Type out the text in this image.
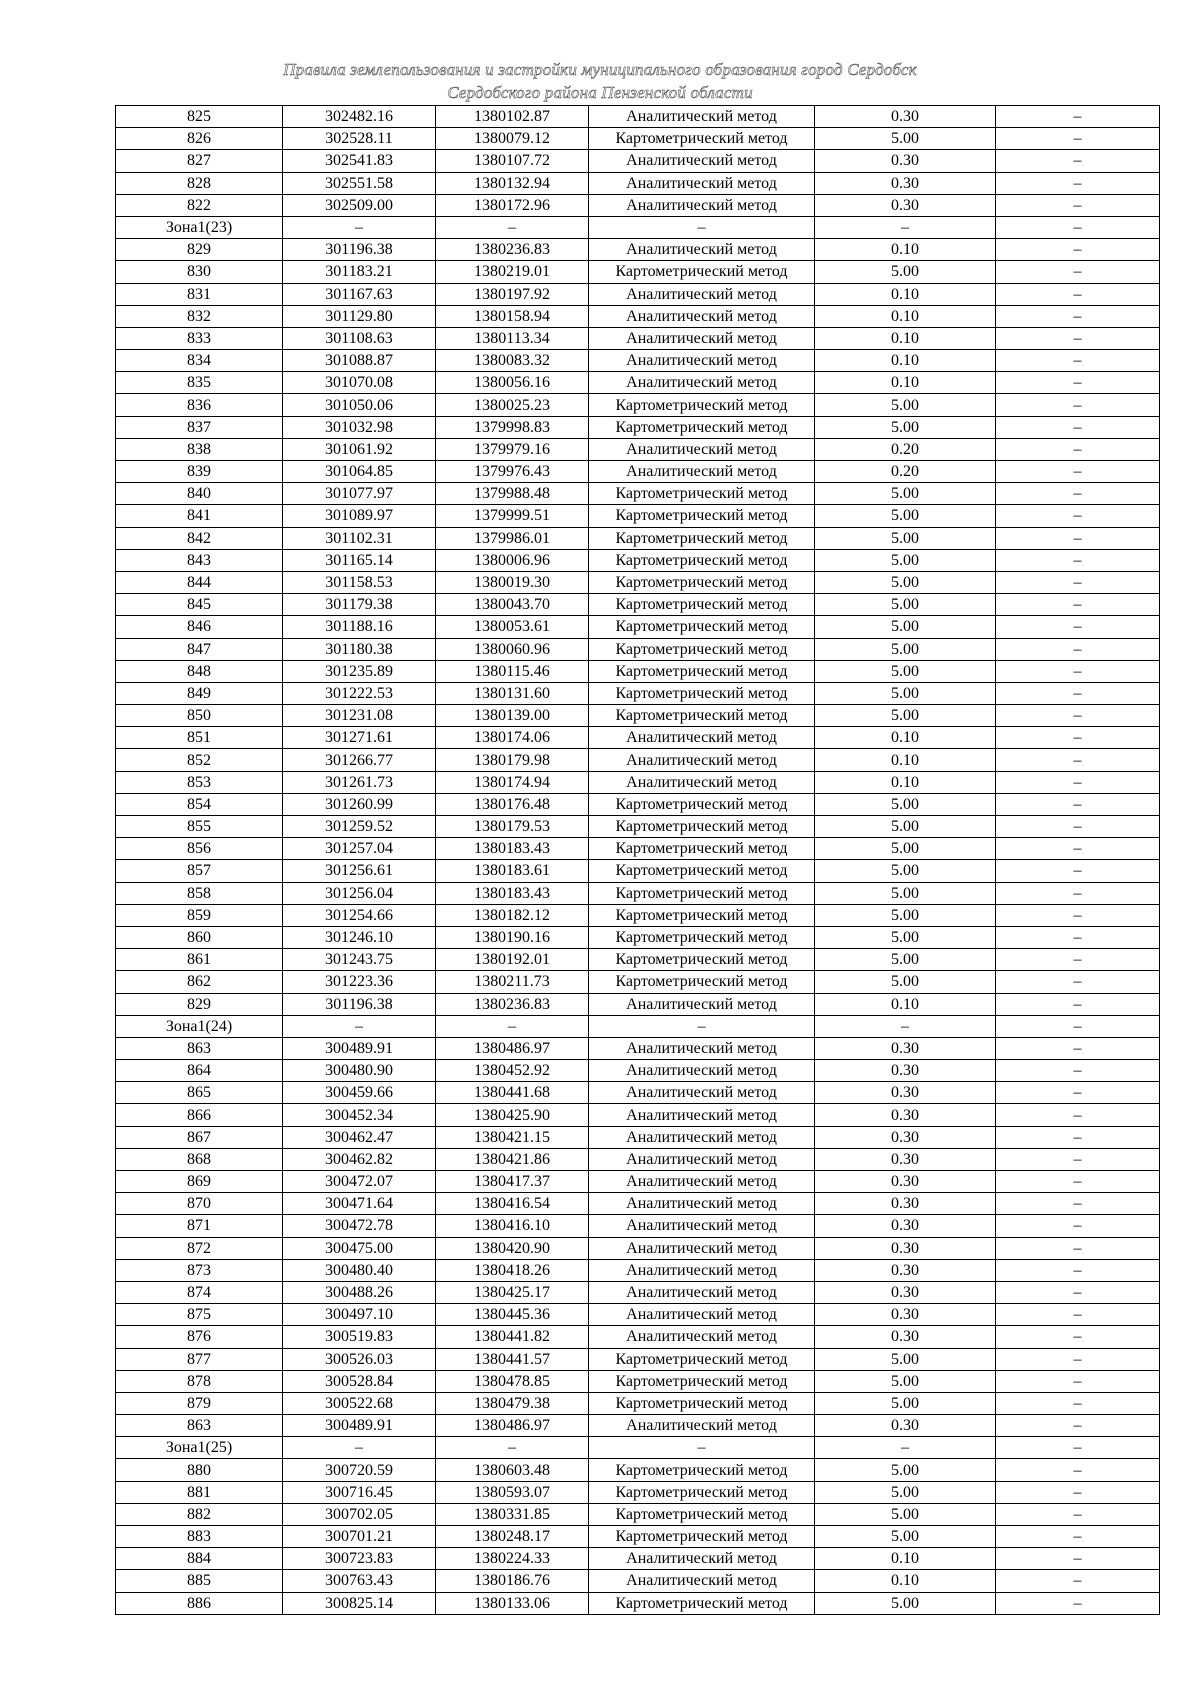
Правила землепользования и застройки муниципального образования город Сердобск
Сердобского района Пензенской области
825	302482.16	1380102.87	Аналитический метод	0.30	–
826	302528.11	1380079.12	Картометрический метод	5.00	–
827	302541.83	1380107.72	Аналитический метод	0.30	–
828	302551.58	1380132.94	Аналитический метод	0.30	–
822	302509.00	1380172.96	Аналитический метод	0.30	–
Зона1(23)	–	–	–	–	–
829	301196.38	1380236.83	Аналитический метод	0.10	–
830	301183.21	1380219.01	Картометрический метод	5.00	–
831	301167.63	1380197.92	Аналитический метод	0.10	–
832	301129.80	1380158.94	Аналитический метод	0.10	–
833	301108.63	1380113.34	Аналитический метод	0.10	–
834	301088.87	1380083.32	Аналитический метод	0.10	–
835	301070.08	1380056.16	Аналитический метод	0.10	–
836	301050.06	1380025.23	Картометрический метод	5.00	–
837	301032.98	1379998.83	Картометрический метод	5.00	–
838	301061.92	1379979.16	Аналитический метод	0.20	–
839	301064.85	1379976.43	Аналитический метод	0.20	–
840	301077.97	1379988.48	Картометрический метод	5.00	–
841	301089.97	1379999.51	Картометрический метод	5.00	–
842	301102.31	1379986.01	Картометрический метод	5.00	–
843	301165.14	1380006.96	Картометрический метод	5.00	–
844	301158.53	1380019.30	Картометрический метод	5.00	–
845	301179.38	1380043.70	Картометрический метод	5.00	–
846	301188.16	1380053.61	Картометрический метод	5.00	–
847	301180.38	1380060.96	Картометрический метод	5.00	–
848	301235.89	1380115.46	Картометрический метод	5.00	–
849	301222.53	1380131.60	Картометрический метод	5.00	–
850	301231.08	1380139.00	Картометрический метод	5.00	–
851	301271.61	1380174.06	Аналитический метод	0.10	–
852	301266.77	1380179.98	Аналитический метод	0.10	–
853	301261.73	1380174.94	Аналитический метод	0.10	–
854	301260.99	1380176.48	Картометрический метод	5.00	–
855	301259.52	1380179.53	Картометрический метод	5.00	–
856	301257.04	1380183.43	Картометрический метод	5.00	–
857	301256.61	1380183.61	Картометрический метод	5.00	–
858	301256.04	1380183.43	Картометрический метод	5.00	–
859	301254.66	1380182.12	Картометрический метод	5.00	–
860	301246.10	1380190.16	Картометрический метод	5.00	–
861	301243.75	1380192.01	Картометрический метод	5.00	–
862	301223.36	1380211.73	Картометрический метод	5.00	–
829	301196.38	1380236.83	Аналитический метод	0.10	–
Зона1(24)	–	–	–	–	–
863	300489.91	1380486.97	Аналитический метод	0.30	–
864	300480.90	1380452.92	Аналитический метод	0.30	–
865	300459.66	1380441.68	Аналитический метод	0.30	–
866	300452.34	1380425.90	Аналитический метод	0.30	–
867	300462.47	1380421.15	Аналитический метод	0.30	–
868	300462.82	1380421.86	Аналитический метод	0.30	–
869	300472.07	1380417.37	Аналитический метод	0.30	–
870	300471.64	1380416.54	Аналитический метод	0.30	–
871	300472.78	1380416.10	Аналитический метод	0.30	–
872	300475.00	1380420.90	Аналитический метод	0.30	–
873	300480.40	1380418.26	Аналитический метод	0.30	–
874	300488.26	1380425.17	Аналитический метод	0.30	–
875	300497.10	1380445.36	Аналитический метод	0.30	–
876	300519.83	1380441.82	Аналитический метод	0.30	–
877	300526.03	1380441.57	Картометрический метод	5.00	–
878	300528.84	1380478.85	Картометрический метод	5.00	–
879	300522.68	1380479.38	Картометрический метод	5.00	–
863	300489.91	1380486.97	Аналитический метод	0.30	–
Зона1(25)	–	–	–	–	–
880	300720.59	1380603.48	Картометрический метод	5.00	–
881	300716.45	1380593.07	Картометрический метод	5.00	–
882	300702.05	1380331.85	Картометрический метод	5.00	–
883	300701.21	1380248.17	Картометрический метод	5.00	–
884	300723.83	1380224.33	Аналитический метод	0.10	–
885	300763.43	1380186.76	Аналитический метод	0.10	–
886	300825.14	1380133.06	Картометрический метод	5.00	–
